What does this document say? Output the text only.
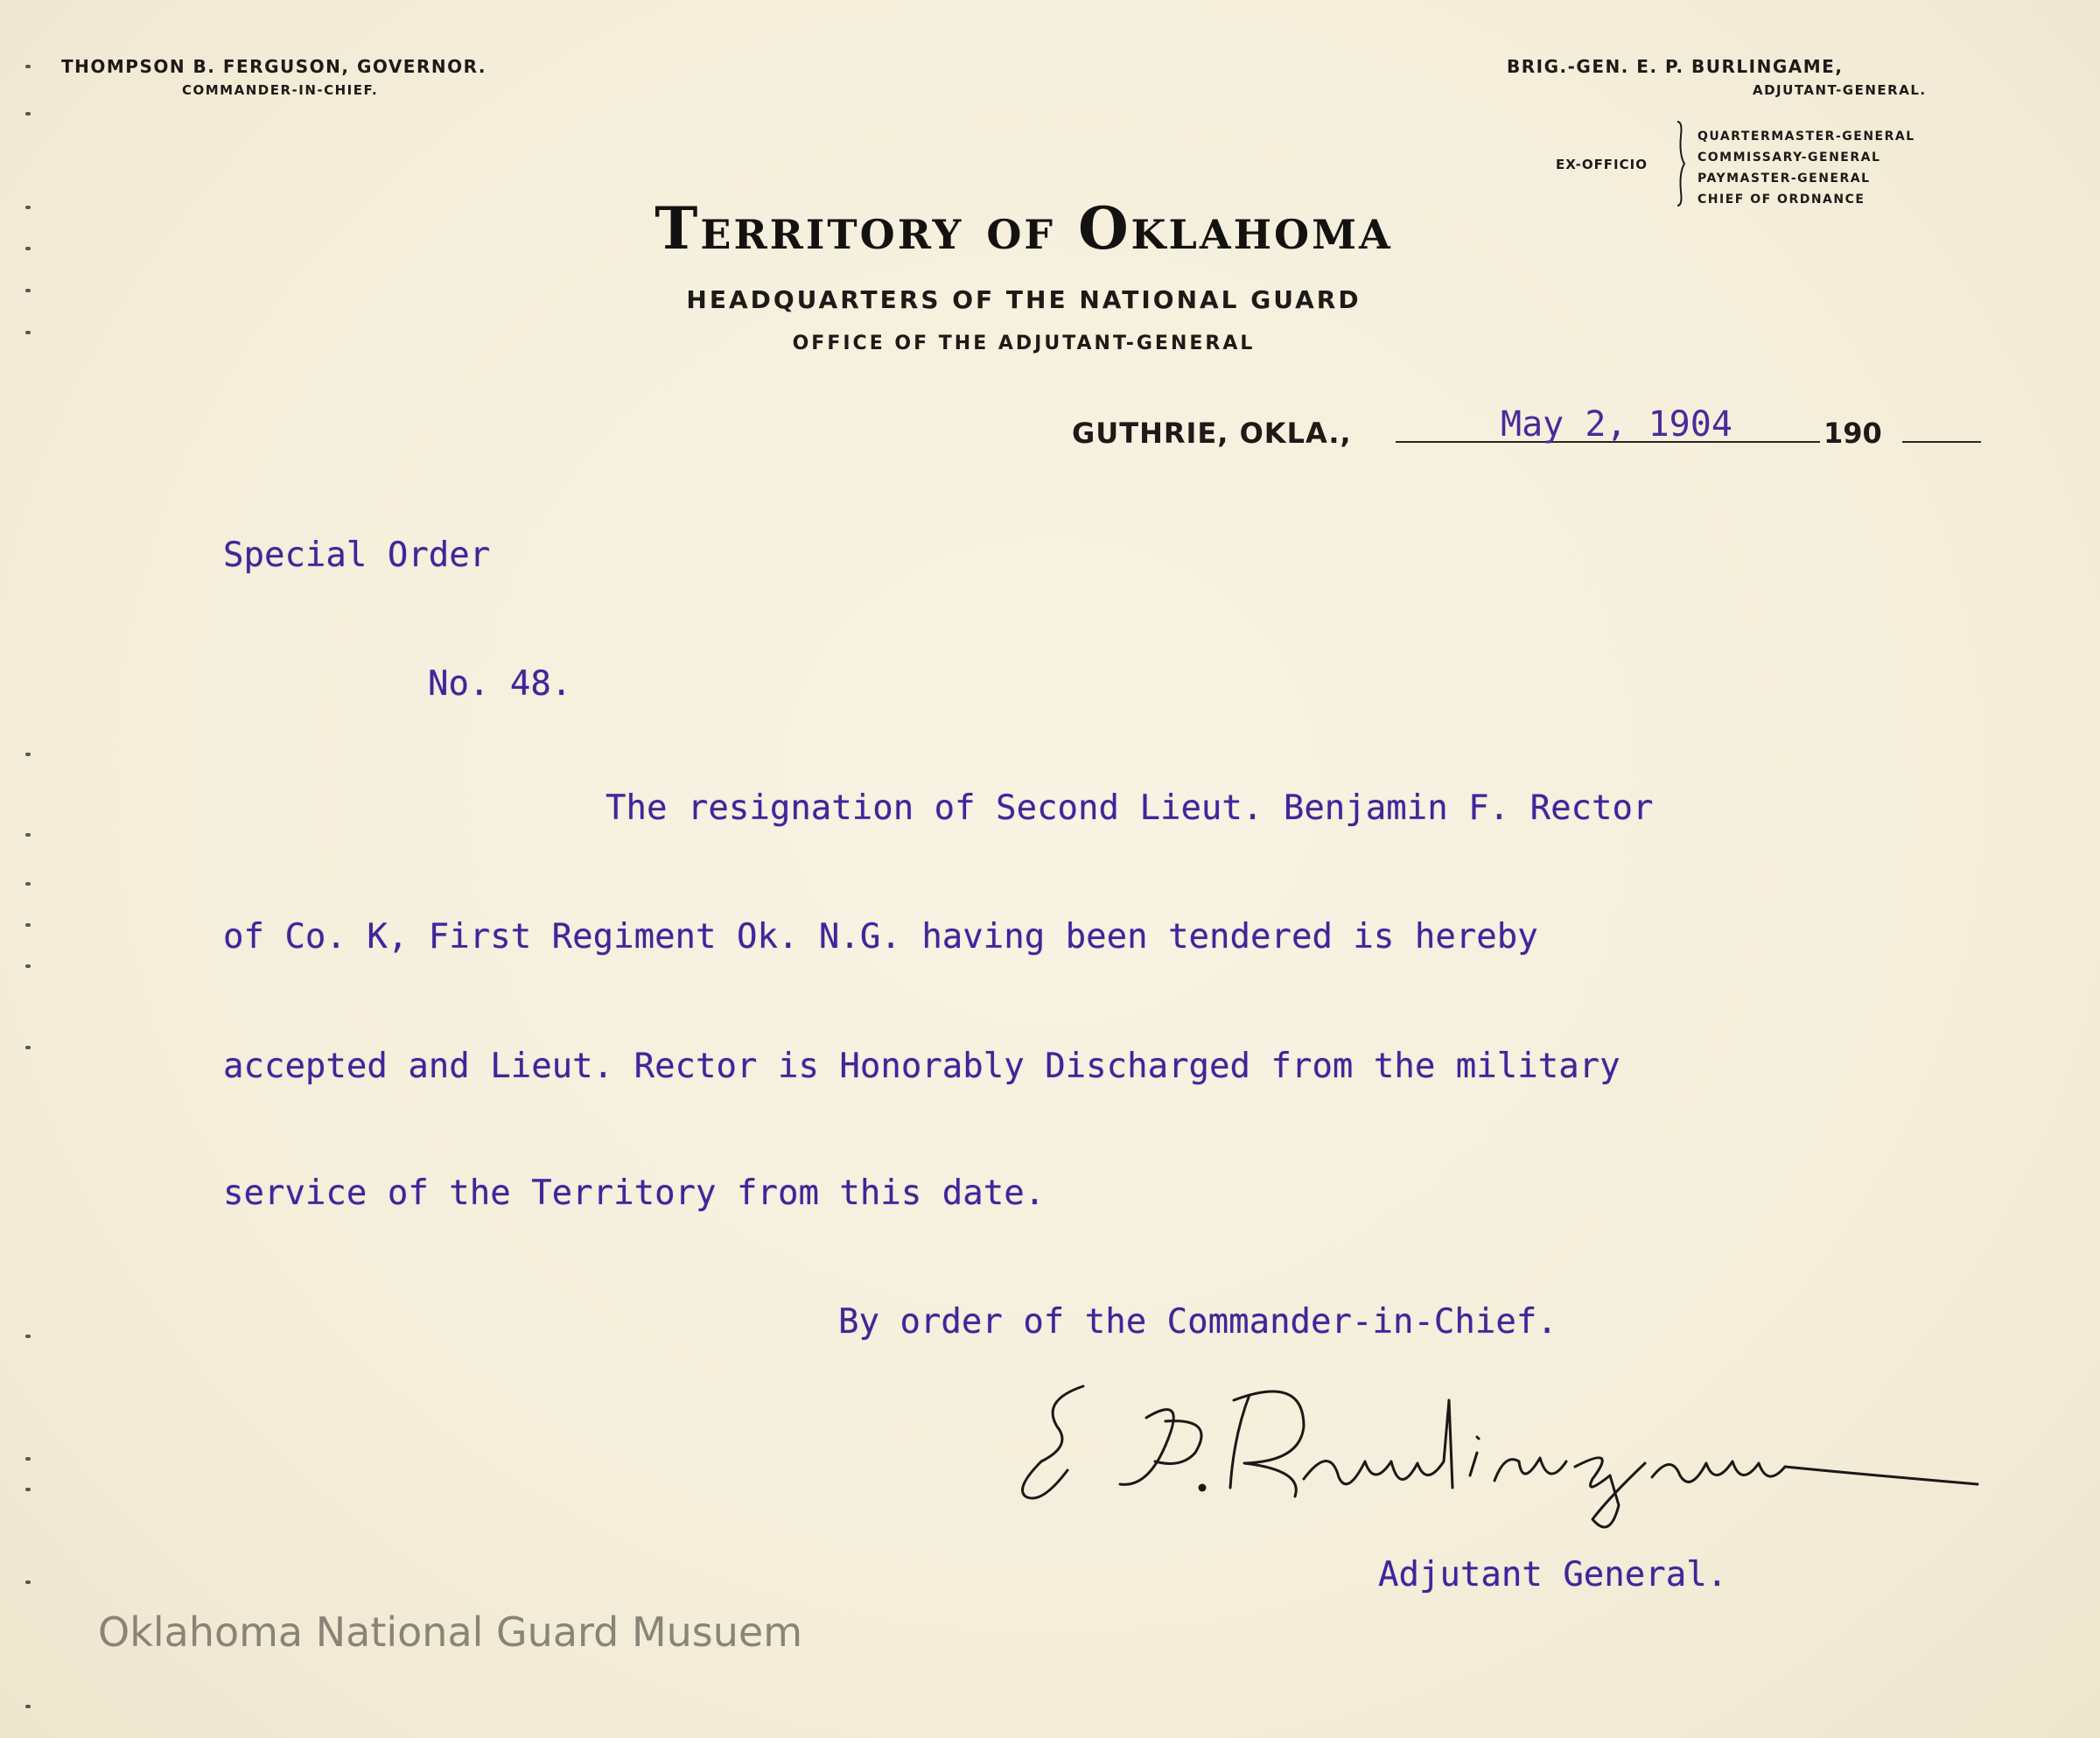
THOMPSON B. FERGUSON, GOVERNOR.
COMMANDER-IN-CHIEF.
BRIG.-GEN. E. P. BURLINGAME,
ADJUTANT-GENERAL.
EX-OFFICIO
QUARTERMASTER-GENERAL
COMMISSARY-GENERAL
PAYMASTER-GENERAL
CHIEF OF ORDNANCE
Territory of Oklahoma
HEADQUARTERS OF THE NATIONAL GUARD
OFFICE OF THE ADJUTANT-GENERAL
GUTHRIE, OKLA.,	May 2, 1904	190
Special Order
No. 48.
The resignation of Second Lieut. Benjamin F. Rector
of Co. K, First Regiment Ok. N.G. having been tendered is hereby
accepted and Lieut. Rector is Honorably Discharged from the military
service of the Territory from this date.
By order of the Commander-in-Chief.
Adjutant General.
Oklahoma National Guard Musuem
